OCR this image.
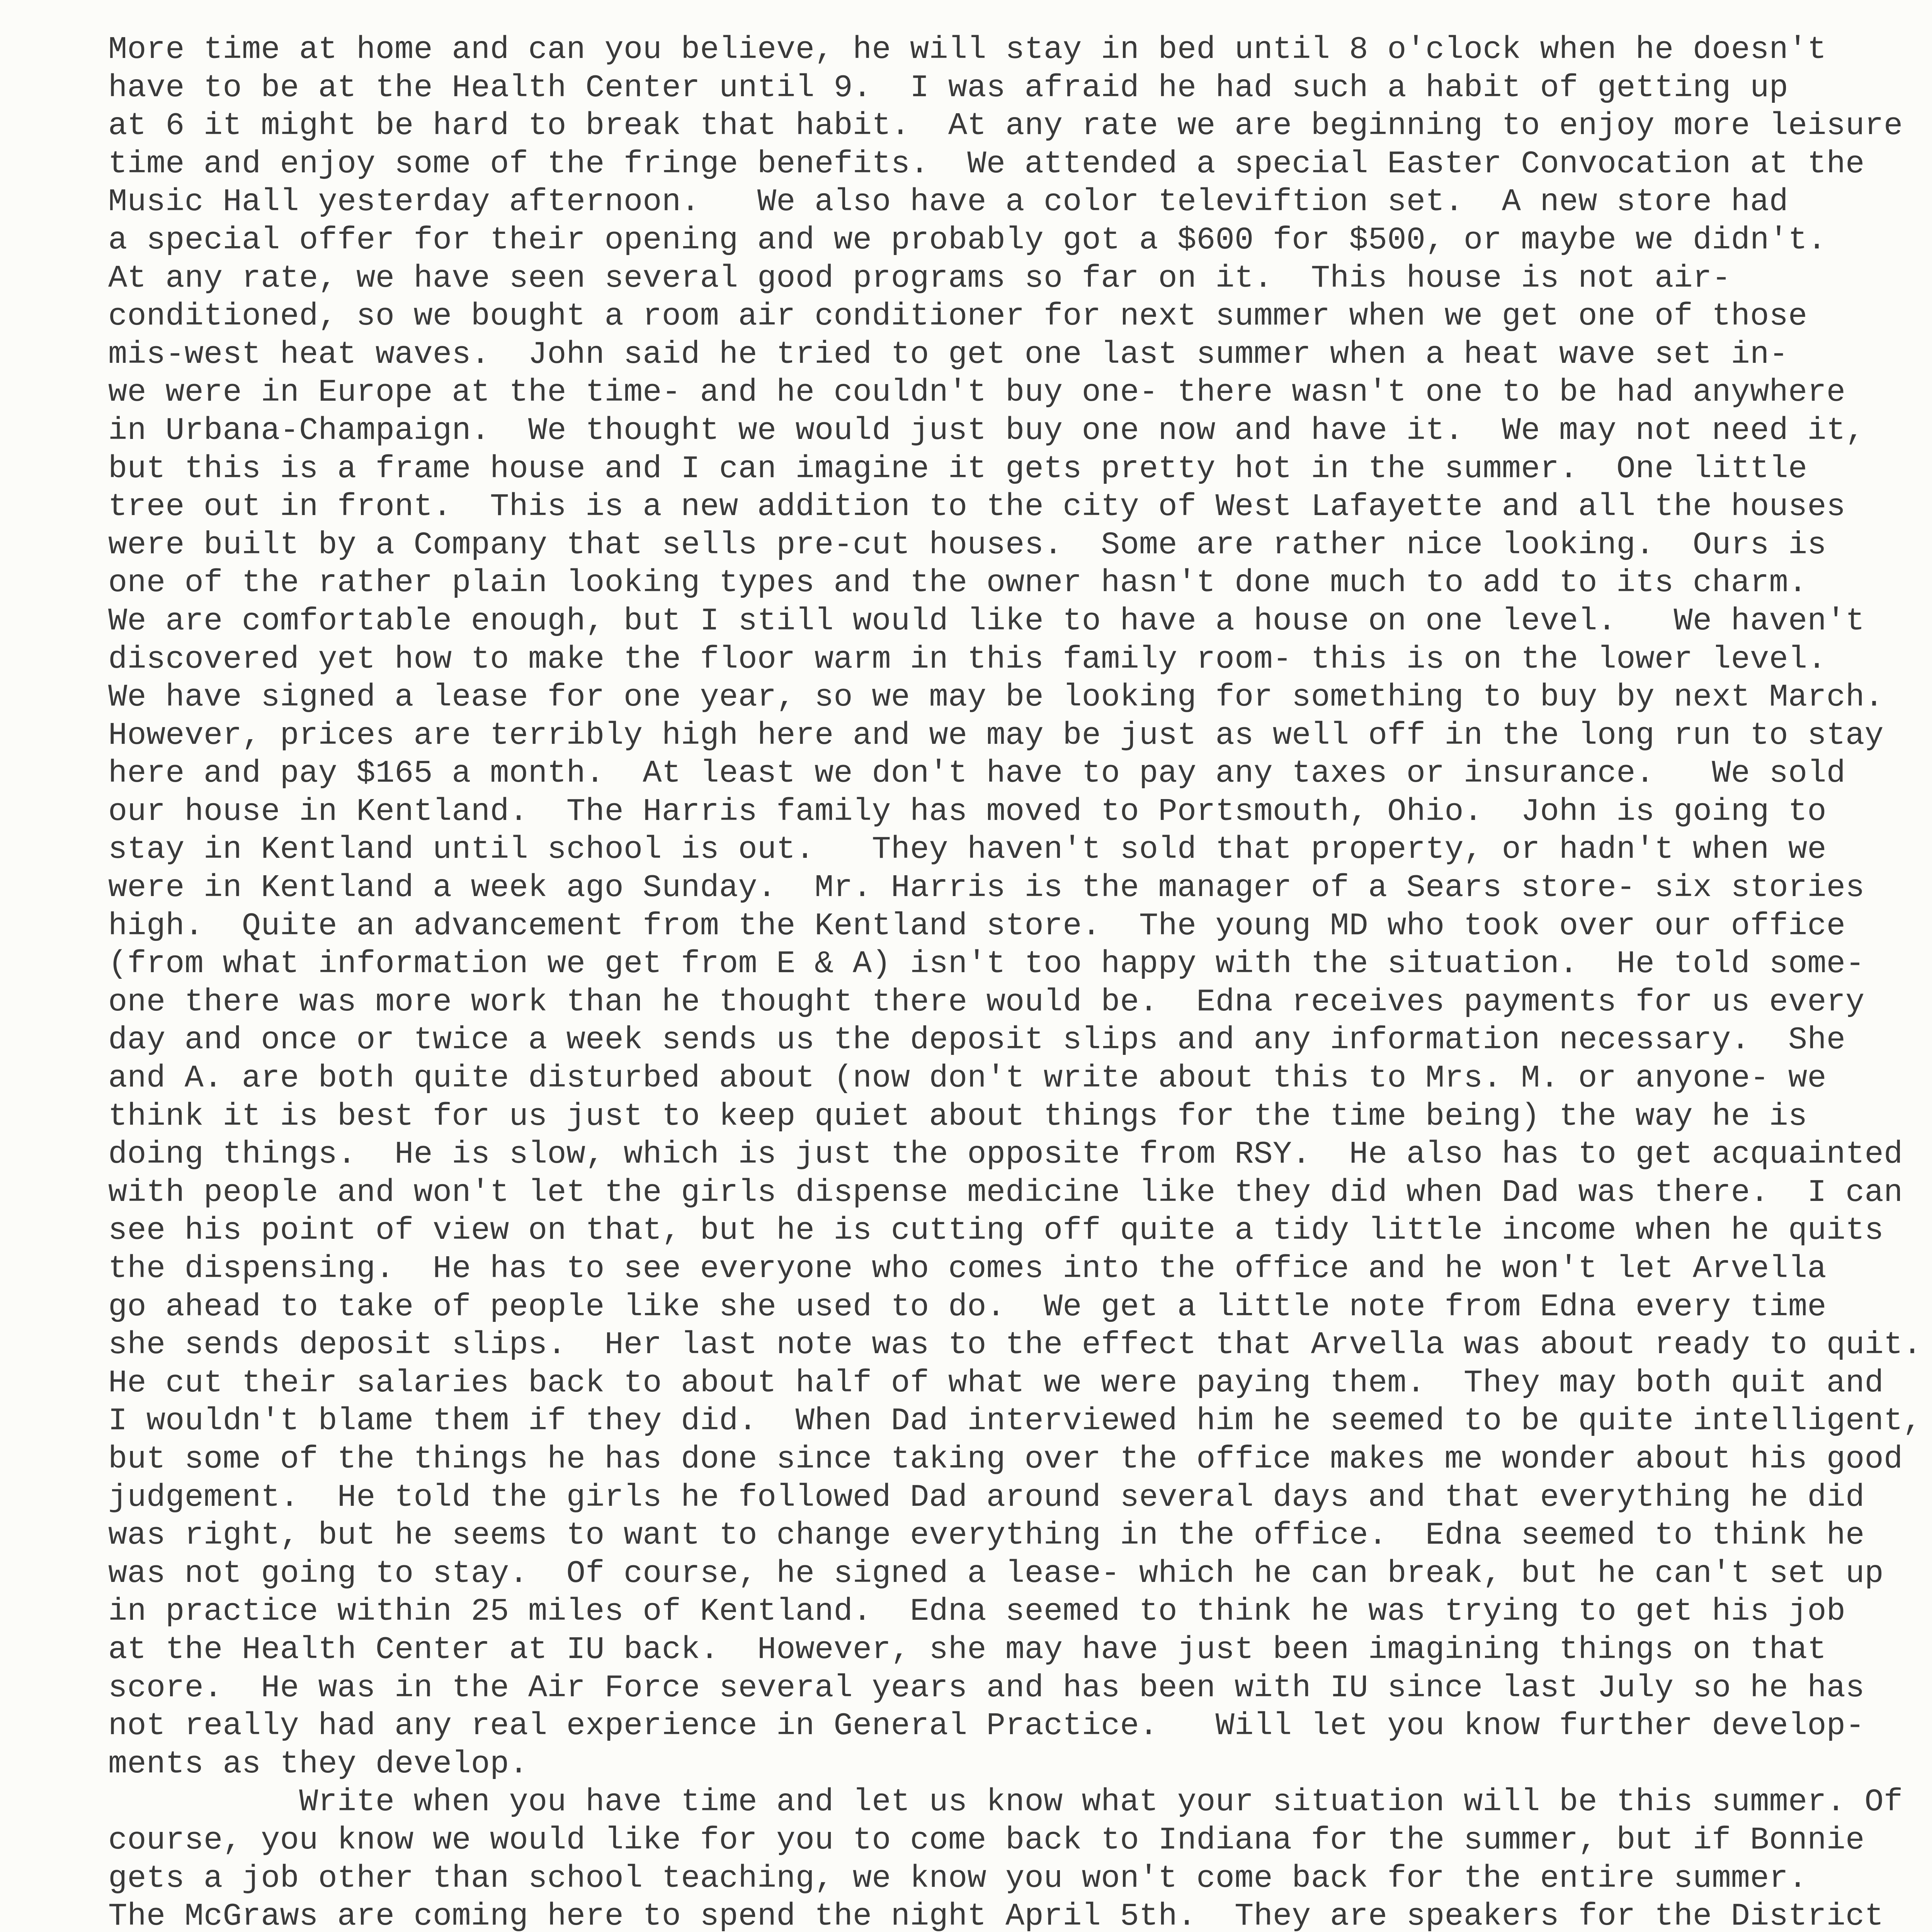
More time at home and can you believe, he will stay in bed until 8 o'clock when he doesn't
have to be at the Health Center until 9.  I was afraid he had such a habit of getting up
at 6 it might be hard to break that habit.  At any rate we are beginning to enjoy more leisure
time and enjoy some of the fringe benefits.  We attended a special Easter Convocation at the
Music Hall yesterday afternoon.   We also have a color televiftion set.  A new store had
a special offer for their opening and we probably got a $600 for $500, or maybe we didn't.
At any rate, we have seen several good programs so far on it.  This house is not air-
conditioned, so we bought a room air conditioner for next summer when we get one of those
mis-west heat waves.  John said he tried to get one last summer when a heat wave set in-
we were in Europe at the time- and he couldn't buy one- there wasn't one to be had anywhere
in Urbana-Champaign.  We thought we would just buy one now and have it.  We may not need it,
but this is a frame house and I can imagine it gets pretty hot in the summer.  One little
tree out in front.  This is a new addition to the city of West Lafayette and all the houses
were built by a Company that sells pre-cut houses.  Some are rather nice looking.  Ours is
one of the rather plain looking types and the owner hasn't done much to add to its charm.
We are comfortable enough, but I still would like to have a house on one level.   We haven't
discovered yet how to make the floor warm in this family room- this is on the lower level.
We have signed a lease for one year, so we may be looking for something to buy by next March.
However, prices are terribly high here and we may be just as well off in the long run to stay
here and pay $165 a month.  At least we don't have to pay any taxes or insurance.   We sold
our house in Kentland.  The Harris family has moved to Portsmouth, Ohio.  John is going to
stay in Kentland until school is out.   They haven't sold that property, or hadn't when we
were in Kentland a week ago Sunday.  Mr. Harris is the manager of a Sears store- six stories
high.  Quite an advancement from the Kentland store.  The young MD who took over our office
(from what information we get from E & A) isn't too happy with the situation.  He told some-
one there was more work than he thought there would be.  Edna receives payments for us every
day and once or twice a week sends us the deposit slips and any information necessary.  She
and A. are both quite disturbed about (now don't write about this to Mrs. M. or anyone- we
think it is best for us just to keep quiet about things for the time being) the way he is
doing things.  He is slow, which is just the opposite from RSY.  He also has to get acquainted
with people and won't let the girls dispense medicine like they did when Dad was there.  I can
see his point of view on that, but he is cutting off quite a tidy little income when he quits
the dispensing.  He has to see everyone who comes into the office and he won't let Arvella
go ahead to take of people like she used to do.  We get a little note from Edna every time
she sends deposit slips.  Her last note was to the effect that Arvella was about ready to quit.
He cut their salaries back to about half of what we were paying them.  They may both quit and
I wouldn't blame them if they did.  When Dad interviewed him he seemed to be quite intelligent,
but some of the things he has done since taking over the office makes me wonder about his good
judgement.  He told the girls he followed Dad around several days and that everything he did
was right, but he seems to want to change everything in the office.  Edna seemed to think he
was not going to stay.  Of course, he signed a lease- which he can break, but he can't set up
in practice within 25 miles of Kentland.  Edna seemed to think he was trying to get his job
at the Health Center at IU back.  However, she may have just been imagining things on that
score.  He was in the Air Force several years and has been with IU since last July so he has
not really had any real experience in General Practice.   Will let you know further develop-
ments as they develop.
Write when you have time and let us know what your situation will be this summer. Of
course, you know we would like for you to come back to Indiana for the summer, but if Bonnie
gets a job other than school teaching, we know you won't come back for the entire summer.
The McGraws are coming here to spend the night April 5th.  They are speakers for the District
